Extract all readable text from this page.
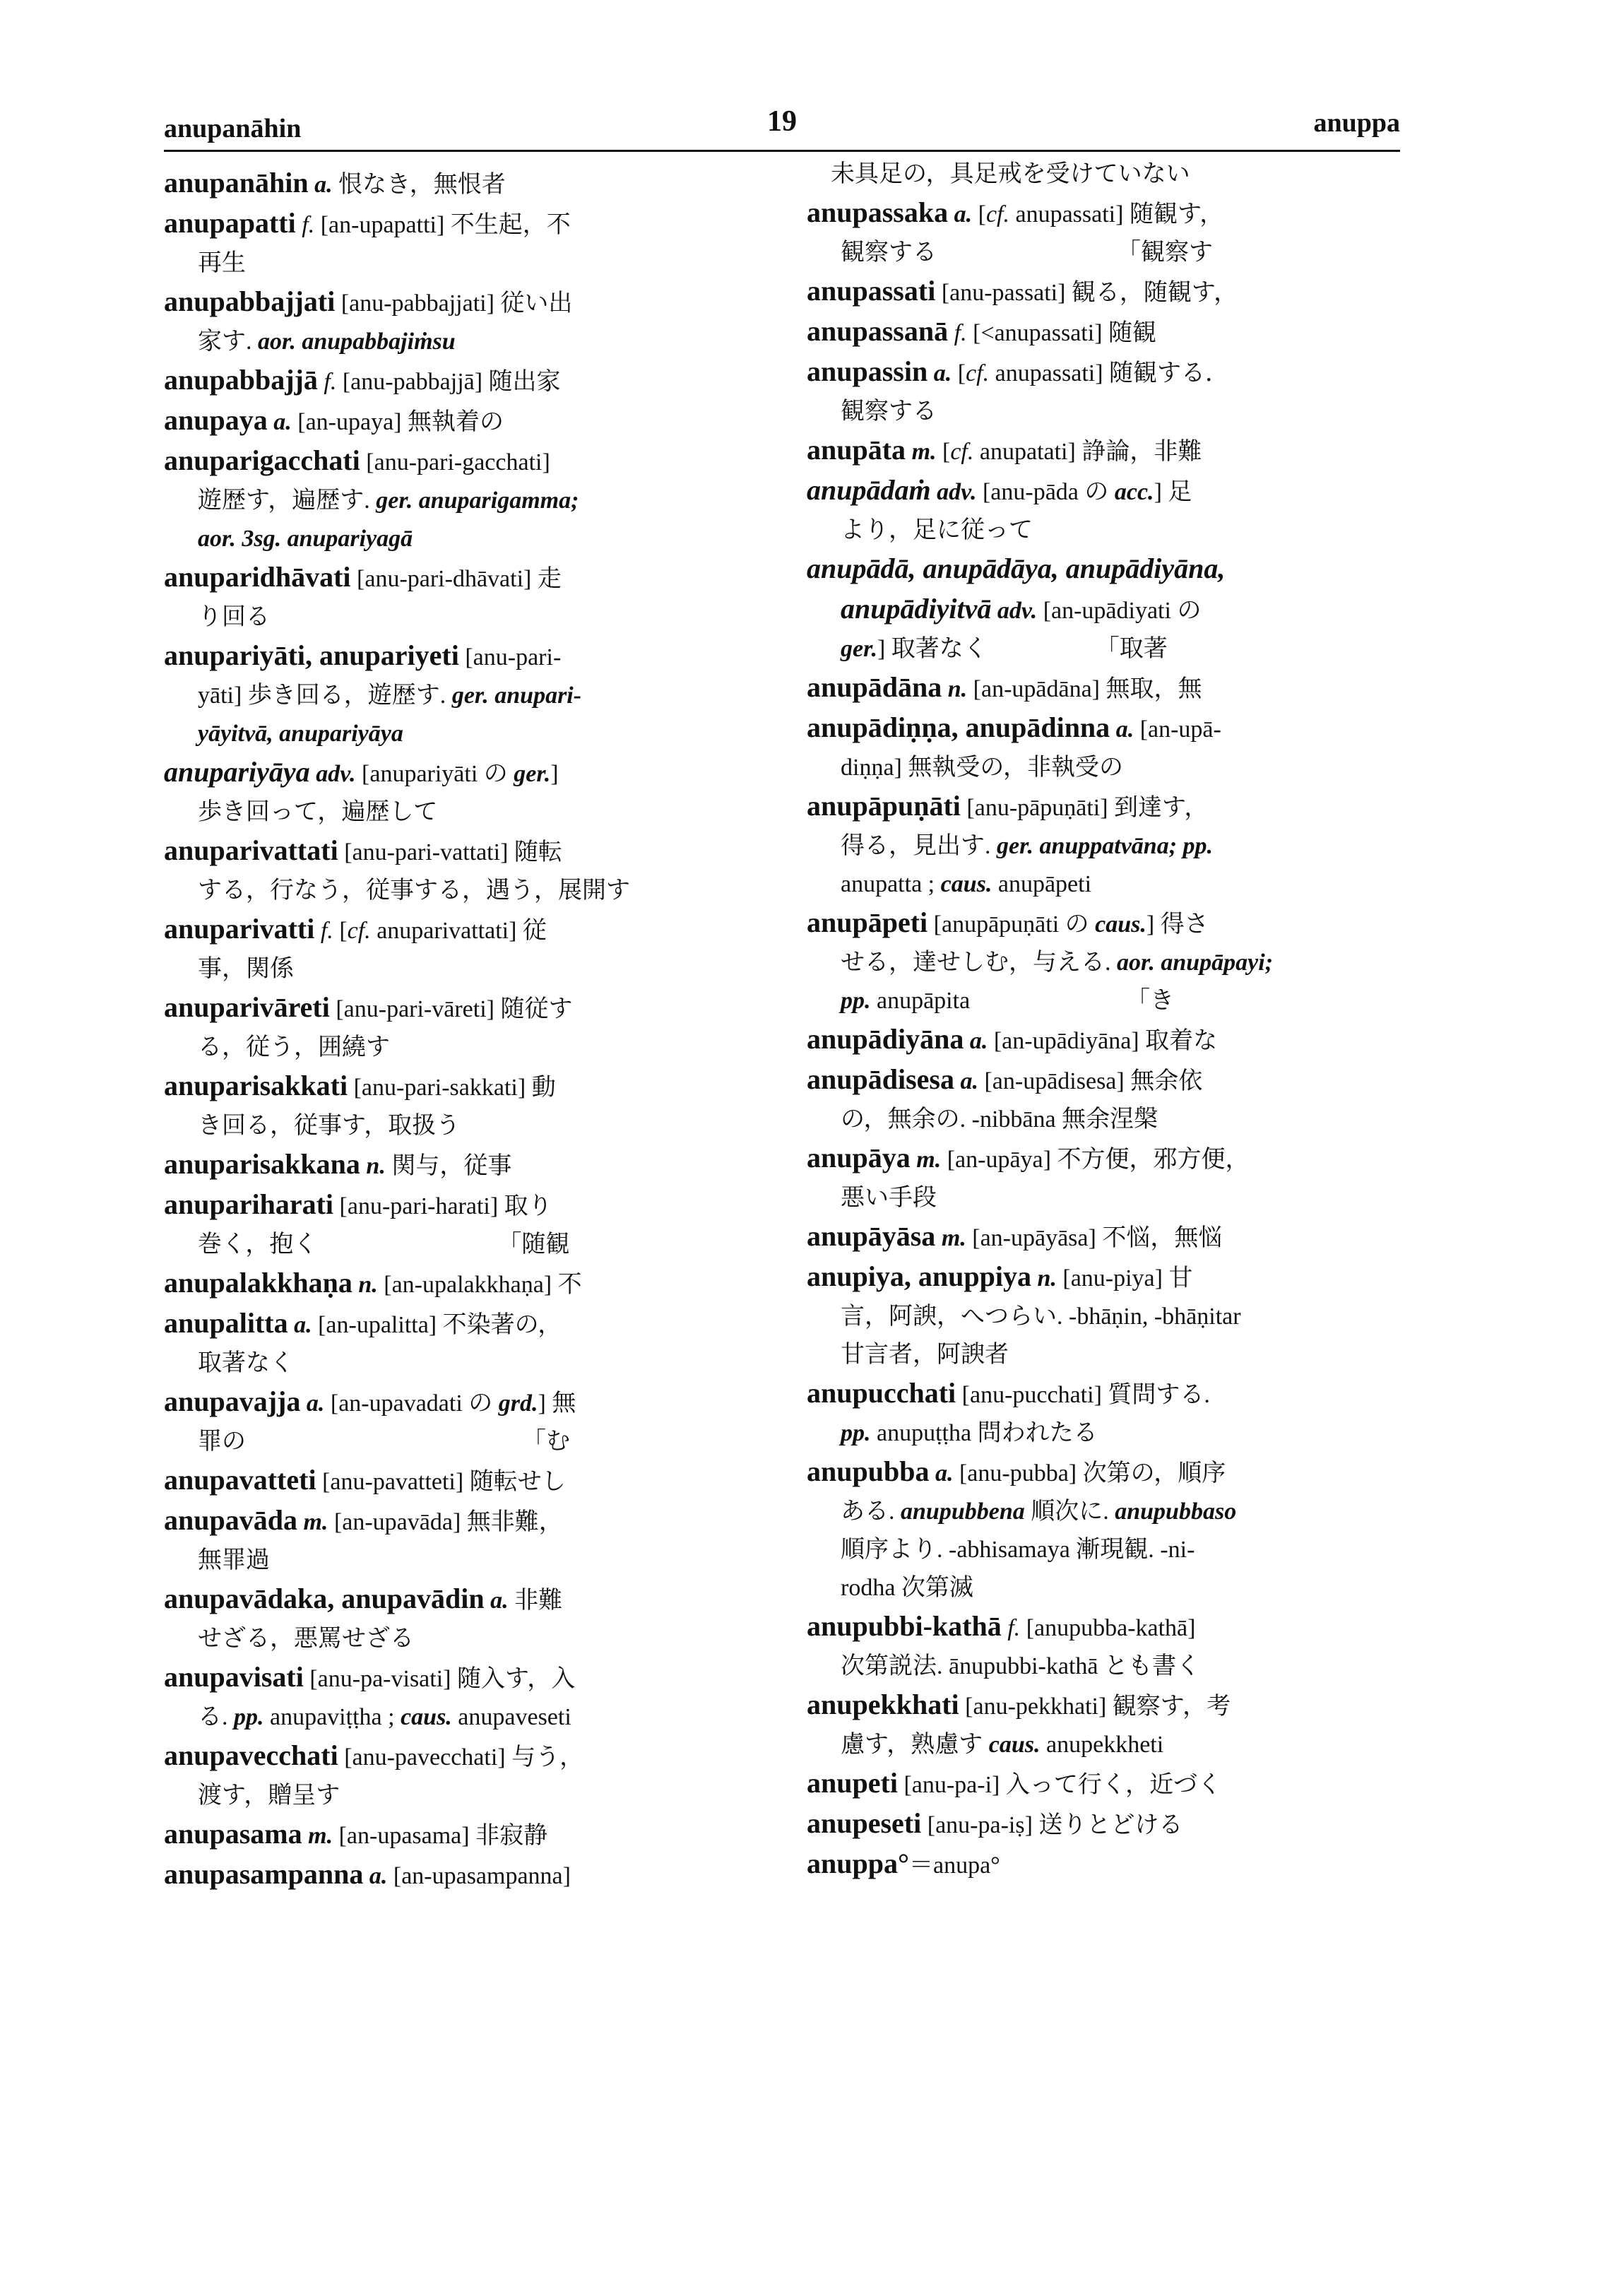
anupanāhin	19	anuppa
anupanāhin a. 恨なき，無恨者
anupapatti f. [an-upapatti] 不生起，不
再生
anupabbajjati [anu-pabbajjati] 従い出
家す. aor. anupabbajiṁsu
anupabbajjā f. [anu-pabbajjā] 随出家
anupaya a. [an-upaya] 無執着の
anuparigacchati [anu-pari-gacchati]
遊歴す，遍歴す. ger. anuparigamma;
aor. 3sg. anupariyagā
anuparidhāvati [anu-pari-dhāvati] 走
り回る
anupariyāti, anupariyeti [anu-pari-
yāti] 歩き回る，遊歴す. ger. anupari-
yāyitvā, anupariyāya
anupariyāya adv. [anupariyāti の ger.]
歩き回って，遍歴して
anuparivattati [anu-pari-vattati] 随転
する，行なう，従事する，遇う，展開す
anuparivatti f. [cf. anuparivattati] 従
事，関係
anuparivāreti [anu-pari-vāreti] 随従す
る，従う，囲繞す
anuparisakkati [anu-pari-sakkati] 動
き回る，従事す，取扱う
anuparisakkana n. 関与，従事
anupariharati [anu-pari-harati] 取り
巻く，抱く　　　　　　　　「随観
anupalakkhaṇa n. [an-upalakkhaṇa] 不
anupalitta a. [an-upalitta] 不染著の，
取著なく
anupavajja a. [an-upavadati の grd.] 無
罪の　　　　　　　　　　　　「む
anupavatteti [anu-pavatteti] 随転せし
anupavāda m. [an-upavāda] 無非難，
無罪過
anupavādaka, anupavādin a. 非難
せざる，悪罵せざる
anupavisati [anu-pa-visati] 随入す，入
る. pp. anupaviṭṭha ; caus. anupaveseti
anupavecchati [anu-pavecchati] 与う，
渡す，贈呈す
anupasama m. [an-upasama] 非寂静
anupasampanna a. [an-upasampanna]
　未具足の，具足戒を受けていない
anupassaka a. [cf. anupassati] 随観す，
観察する　　　　　　　　「観察す
anupassati [anu-passati] 観る，随観す，
anupassanā f. [<anupassati] 随観
anupassin a. [cf. anupassati] 随観する．
観察する
anupāta m. [cf. anupatati] 諍論，非難
anupādaṁ adv. [anu-pāda の acc.] 足
より，足に従って
anupādā, anupādāya, anupādiyāna,
anupādiyitvā adv. [an-upādiyati の
ger.] 取著なく　　　　　「取著
anupādāna n. [an-upādāna] 無取，無
anupādiṇṇa, anupādinna a. [an-upā-
diṇṇa] 無執受の，非執受の
anupāpuṇāti [anu-pāpuṇāti] 到達す，
得る，見出す. ger. anuppatvāna; pp.
anupatta ; caus. anupāpeti
anupāpeti [anupāpuṇāti の caus.] 得さ
せる，達せしむ，与える. aor. anupāpayi;
pp. anupāpita　　　　　　　「き
anupādiyāna a. [an-upādiyāna] 取着な
anupādisesa a. [an-upādisesa] 無余依
の，無余の. -nibbāna 無余涅槃
anupāya m. [an-upāya] 不方便，邪方便，
悪い手段
anupāyāsa m. [an-upāyāsa] 不悩，無悩
anupiya, anuppiya n. [anu-piya] 甘
言，阿諛，へつらい. -bhāṇin, -bhāṇitar
甘言者，阿諛者
anupucchati [anu-pucchati] 質問する.
pp. anupuṭṭha 問われたる
anupubba a. [anu-pubba] 次第の，順序
ある. anupubbena 順次に. anupubbaso
順序より. -abhisamaya 漸現観. -ni-
rodha 次第滅
anupubbi-kathā f. [anupubba-kathā]
次第説法. ānupubbi-kathā とも書く
anupekkhati [anu-pekkhati] 観察す，考
慮す，熟慮す caus. anupekkheti
anupeti [anu-pa-i] 入って行く，近づく
anupeseti [anu-pa-iṣ] 送りとどける
anuppa°＝anupa°
